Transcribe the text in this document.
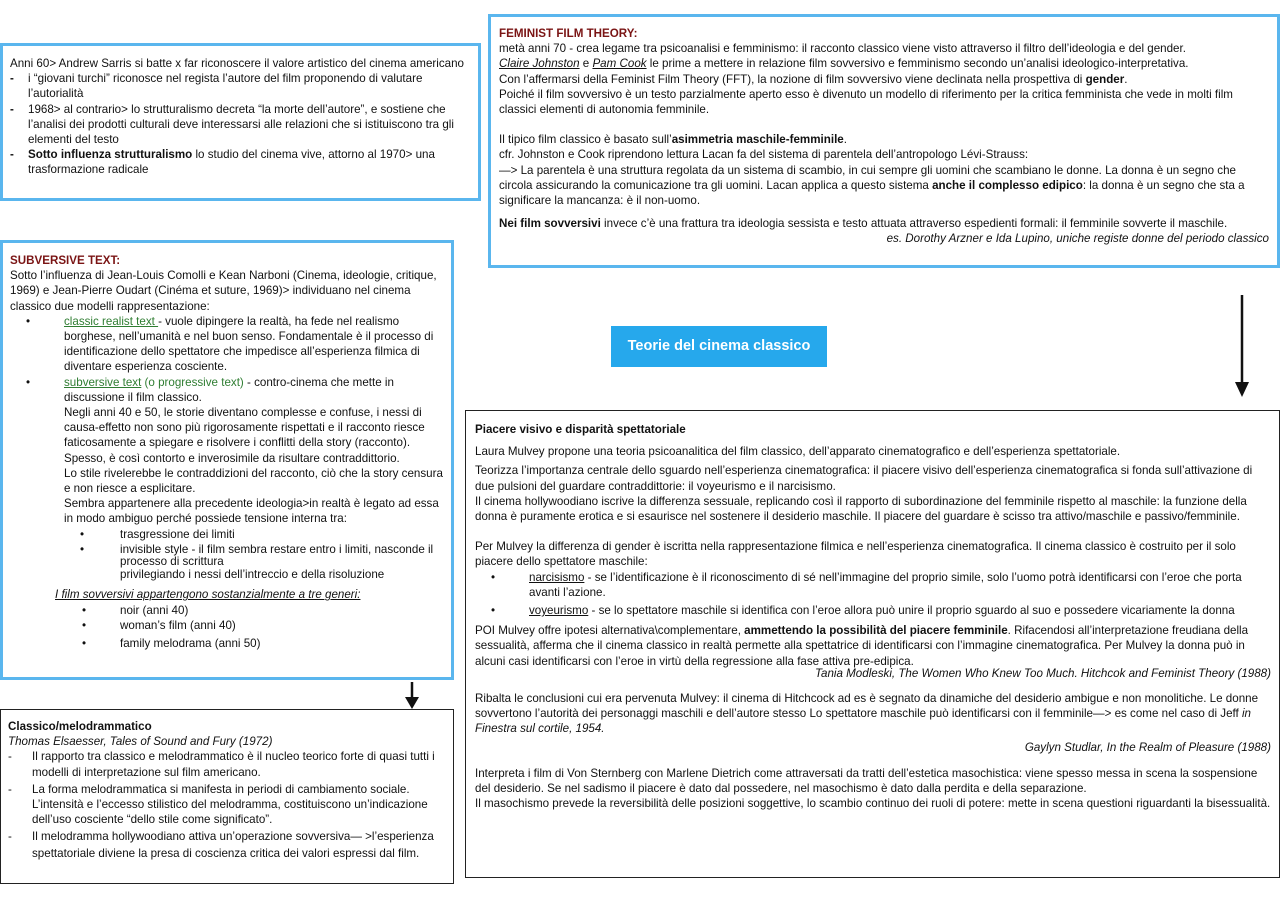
Anni 60> Andrew Sarris si batte x far riconoscere il valore artistico del cinema americano

- i “giovani turchi” riconosce nel regista l’autore del film proponendo di valutare l’autorialità
- 1968> al contrario> lo strutturalismo decreta “la morte dell’autore”, e sostiene che l’analisi dei prodotti culturali deve interessarsi alle relazioni che si istituiscono tra gli elementi del testo
- Sotto influenza strutturalismo lo studio del cinema vive, attorno al 1970> una trasformazione radicale

SUBVERSIVE TEXT:

Sotto l’influenza di Jean-Louis Comolli e Kean Narboni (Cinema, ideologie, critique, 1969) e Jean-Pierre Oudart (Cinéma et suture, 1969)> individuano nel cinema classico due modelli rappresentazione:

•	classic realist text - vuole dipingere la realtà, ha fede nel realismo borghese, nell’umanità e nel buon senso. Fondamentale è il processo di identificazione dello spettatore che impedisce all’esperienza filmica di diventare esperienza cosciente.
•	subversive text (o progressive text) - contro-cinema che mette in discussione il film classico.

Negli anni 40 e 50, le storie diventano complesse e confuse, i nessi di causa-effetto non sono più rigorosamente rispettati e il racconto riesce faticosamente a spiegare e risolvere i conflitti della story (racconto). Spesso, è così contorto e inverosimile da risultare contraddittorio.

Lo stile rivelerebbe le contraddizioni del racconto, ciò che la story censura e non riesce a esplicitare.

Sembra appartenere alla precedente ideologia>in realtà è legato ad essa in modo ambiguo perché possiede tensione interna tra:

•	trasgressione dei limiti
•	invisible style - il film sembra restare entro i limiti, nasconde il processo di scrittura
privilegiando i nessi dell’intreccio e della risoluzione

I film sovversivi appartengono sostanzialmente a tre generi:

•	noir (anni 40)
•	woman’s film (anni 40)
•	family melodrama (anni 50)

Classico/melodrammatico

Thomas Elsaesser, Tales of Sound and Fury (1972)

- Il rapporto tra classico e melodrammatico è il nucleo teorico forte di quasi tutti i modelli di interpretazione sul film americano.
- La forma melodrammatica si manifesta in periodi di cambiamento sociale. L’intensità e l’eccesso stilistico del melodramma, costituiscono un’indicazione dell’uso cosciente “dello stile come significato”.
- Il melodramma hollywoodiano attiva un’operazione sovversiva— >l’esperienza spettatoriale diviene la presa di coscienza critica dei valori espressi dal film.

FEMINIST FILM THEORY:

metà anni 70 - crea legame tra psicoanalisi e femminismo: il racconto classico viene visto attraverso il filtro dell’ideologia e del gender.

Claire Johnston e Pam Cook le prime a mettere in relazione film sovversivo e femminismo secondo un’analisi ideologico-interpretativa.

Con l’affermarsi della Feminist Film Theory (FFT), la nozione di film sovversivo viene declinata nella prospettiva di gender.

Poiché il film sovversivo è un testo parzialmente aperto esso è divenuto un modello di riferimento per la critica femminista che vede in molti film classici elementi di autonomia femminile.

Il tipico film classico è basato sull’asimmetria maschile-femminile.

cfr. Johnston e Cook riprendono lettura Lacan fa del sistema di parentela dell’antropologo Lévi-Strauss:

—> La parentela è una struttura regolata da un sistema di scambio, in cui sempre gli uomini che scambiano le donne. La donna è un segno che circola assicurando la comunicazione tra gli uomini. Lacan applica a questo sistema anche il complesso edipico: la donna è un segno che sta a significare la mancanza: è il non-uomo.

Nei film sovversivi invece c’è una frattura tra ideologia sessista e testo attuata attraverso espedienti formali: il femminile sovverte il maschile.

es. Dorothy Arzner e Ida Lupino, uniche registe donne del periodo classico

Teorie del cinema classico

Piacere visivo e disparità spettatoriale

Laura Mulvey propone una teoria psicoanalitica del film classico, dell’apparato cinematografico e dell’esperienza spettatoriale.

Teorizza l’importanza centrale dello sguardo nell’esperienza cinematografica: il piacere visivo dell’esperienza cinematografica si fonda sull’attivazione di due pulsioni del guardare contraddittorie: il voyeurismo e il narcisismo.

Il cinema hollywoodiano iscrive la differenza sessuale, replicando così il rapporto di subordinazione del femminile rispetto al maschile: la funzione della donna è puramente erotica e si esaurisce nel sostenere il desiderio maschile. Il piacere del guardare è scisso tra attivo/maschile e passivo/femminile.

Per Mulvey la differenza di gender è iscritta nella rappresentazione filmica e nell’esperienza cinematografica. Il cinema classico è costruito per il solo piacere dello spettatore maschile:

•	narcisismo - se l’identificazione è il riconoscimento di sé nell’immagine del proprio simile, solo l’uomo potrà identificarsi con l’eroe che porta avanti l’azione.
•	voyeurismo - se lo spettatore maschile si identifica con l’eroe allora può unire il proprio sguardo al suo e possedere vicariamente la donna

POI Mulvey offre ipotesi alternativa\complementare, ammettendo la possibilità del piacere femminile. Rifacendosi all’interpretazione freudiana della sessualità, afferma che il cinema classico in realtà permette alla spettatrice di identificarsi con l’immagine cinematografica. Per Mulvey la donna può in alcuni casi identificarsi con l’eroe in virtù della regressione alla fase attiva pre-edipica.

Tania Modleski, The Women Who Knew Too Much. Hitchcok and Feminist Theory (1988)

Ribalta le conclusioni cui era pervenuta Mulvey: il cinema di Hitchcock ad es è segnato da dinamiche del desiderio ambigue e non monolitiche. Le donne sovvertono l’autorità dei personaggi maschili e dell’autore stesso Lo spettatore maschile può identificarsi con il femminile—> es come nel caso di Jeff in Finestra sul cortile, 1954.

Gaylyn Studlar, In the Realm of Pleasure (1988)

Interpreta i film di Von Sternberg con Marlene Dietrich come attraversati da tratti dell’estetica masochistica: viene spesso messa in scena la sospensione del desiderio. Se nel sadismo il piacere è dato dal possedere, nel masochismo è dato dalla perdita e della separazione.

Il masochismo prevede la reversibilità delle posizioni soggettive, lo scambio continuo dei ruoli di potere: mette in scena questioni riguardanti la bisessualità.
